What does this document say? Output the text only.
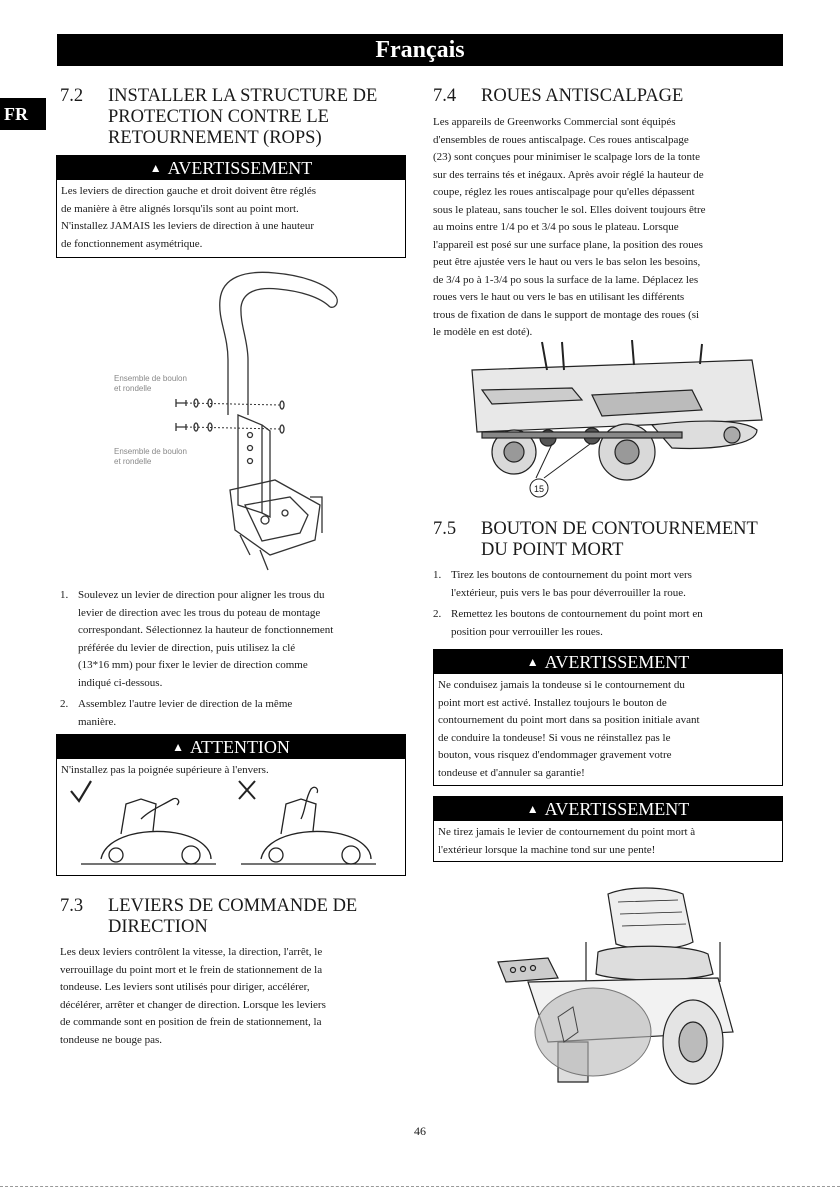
Français
FR
7.2	INSTALLER LA STRUCTURE DE
PROTECTION CONTRE LE
RETOURNEMENT (ROPS)
▲ AVERTISSEMENT
Les leviers de direction gauche et droit doivent être réglés
de manière à être alignés lorsqu'ils sont au point mort.
N'installez JAMAIS les leviers de direction à une hauteur
de fonctionnement asymétrique.
Ensemble de boulon
et rondelle
Ensemble de boulon
et rondelle
1. Soulevez un levier de direction pour aligner les trous du
levier de direction avec les trous du poteau de montage
correspondant. Sélectionnez la hauteur de fonctionnement
préférée du levier de direction, puis utilisez la clé
(13*16 mm) pour fixer le levier de direction comme
indiqué ci-dessous.
2. Assemblez l'autre levier de direction de la même
manière.
▲ ATTENTION
N'installez pas la poignée supérieure à l'envers.
7.3	LEVIERS DE COMMANDE DE
DIRECTION
Les deux leviers contrôlent la vitesse, la direction, l'arrêt, le
verrouillage du point mort et le frein de stationnement de la
tondeuse. Les leviers sont utilisés pour diriger, accélérer,
décélérer, arrêter et changer de direction. Lorsque les leviers
de commande sont en position de frein de stationnement, la
tondeuse ne bouge pas.
7.4	ROUES ANTISCALPAGE
Les appareils de Greenworks Commercial sont équipés
d'ensembles de roues antiscalpage. Ces roues antiscalpage
(23) sont conçues pour minimiser le scalpage lors de la tonte
sur des terrains tés et inégaux. Après avoir réglé la hauteur de
coupe, réglez les roues antiscalpage pour qu'elles dépassent
sous le plateau, sans toucher le sol. Elles doivent toujours être
au moins entre 1/4 po et 3/4 po sous le plateau. Lorsque
l'appareil est posé sur une surface plane, la position des roues
peut être ajustée vers le haut ou vers le bas selon les besoins,
de 3/4 po à 1-3/4 po sous la surface de la lame. Déplacez les
roues vers le haut ou vers le bas en utilisant les différents
trous de fixation de dans le support de montage des roues (si
le modèle en est doté).
15
7.5	BOUTON DE CONTOURNEMENT
DU POINT MORT
1. Tirez les boutons de contournement du point mort vers
l'extérieur, puis vers le bas pour déverrouiller la roue.
2. Remettez les boutons de contournement du point mort en
position pour verrouiller les roues.
▲ AVERTISSEMENT
Ne conduisez jamais la tondeuse si le contournement du
point mort est activé. Installez toujours le bouton de
contournement du point mort dans sa position initiale avant
de conduire la tondeuse! Si vous ne réinstallez pas le
bouton, vous risquez d'endommager gravement votre
tondeuse et d'annuler sa garantie!
▲ AVERTISSEMENT
Ne tirez jamais le levier de contournement du point mort à
l'extérieur lorsque la machine tond sur une pente!
46
